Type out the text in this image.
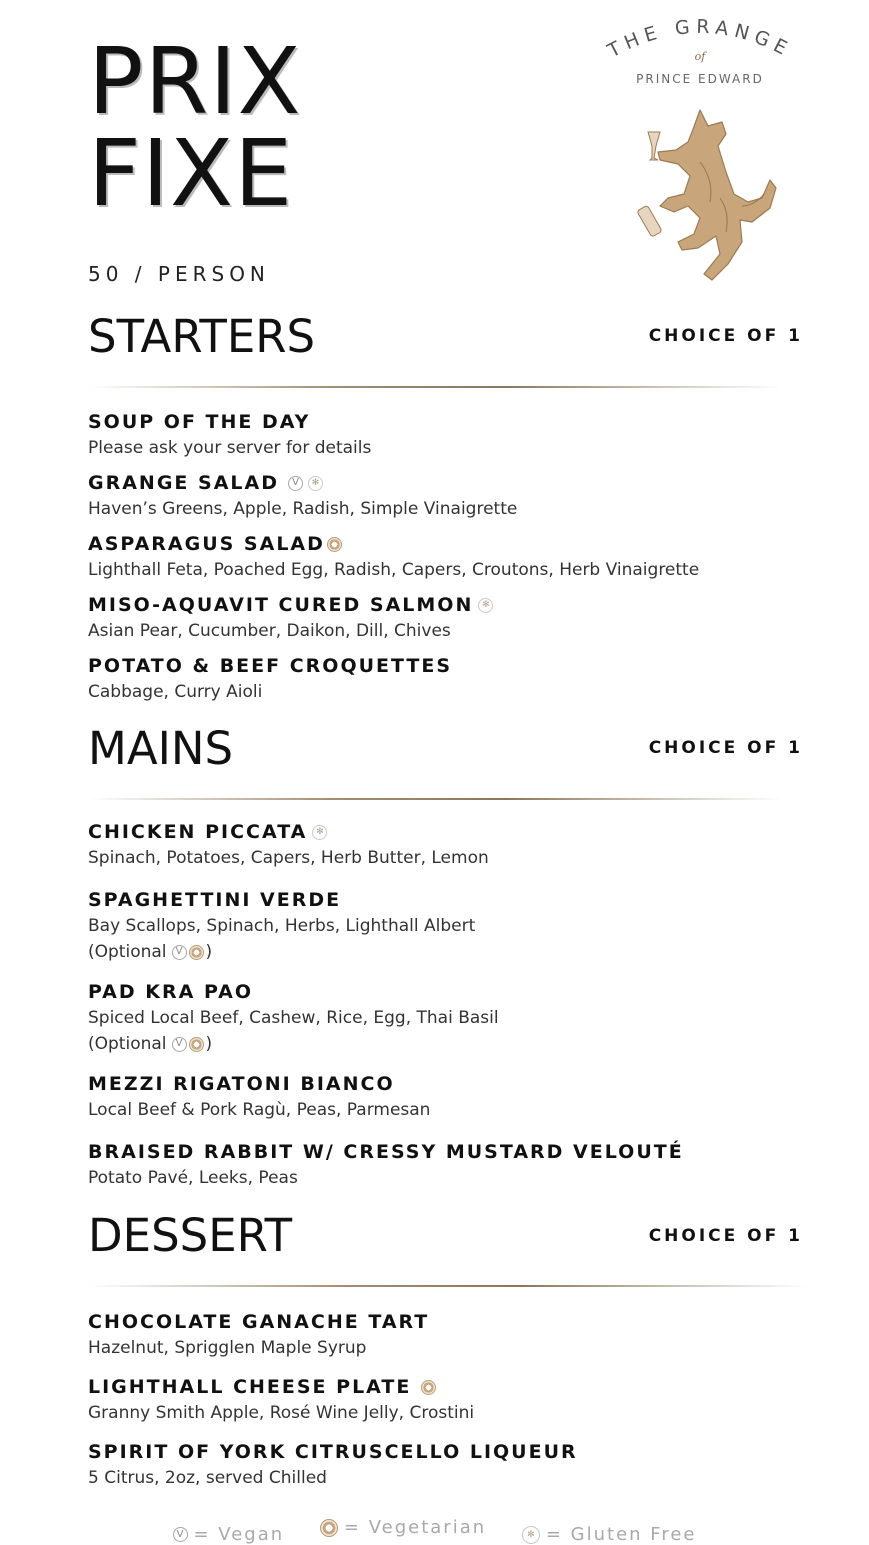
PRIX
FIXE
50 / PERSON
THE GRANGE
of
PRINCE EDWARD
STARTERS	CHOICE OF 1
SOUP OF THE DAY
Please ask your server for details
GRANGE SALAD	V	✻
Haven’s Greens, Apple, Radish, Simple Vinaigrette
ASPARAGUS SALAD
Lighthall Feta, Poached Egg, Radish, Capers, Croutons, Herb Vinaigrette
MISO-AQUAVIT CURED SALMON ✻
Asian Pear, Cucumber, Daikon, Dill, Chives
POTATO & BEEF CROQUETTES
Cabbage, Curry Aioli
MAINS	CHOICE OF 1
CHICKEN PICCATA ✻
Spinach, Potatoes, Capers, Herb Butter, Lemon
SPAGHETTINI VERDE
Bay Scallops, Spinach, Herbs, Lighthall Albert
(Optional V )
PAD KRA PAO
Spiced Local Beef, Cashew, Rice, Egg, Thai Basil
(Optional V )
MEZZI RIGATONI BIANCO
Local Beef & Pork Ragù, Peas, Parmesan
BRAISED RABBIT W/ CRESSY MUSTARD VELOUTÉ
Potato Pavé, Leeks, Peas
DESSERT	CHOICE OF 1
CHOCOLATE GANACHE TART
Hazelnut, Sprigglen Maple Syrup
LIGHTHALL CHEESE PLATE
Granny Smith Apple, Rosé Wine Jelly, Crostini
SPIRIT OF YORK CITRUSCELLO LIQUEUR
5 Citrus, 2oz, served Chilled
V = Vegan
	= Vegetarian
	✻ = Gluten Free
